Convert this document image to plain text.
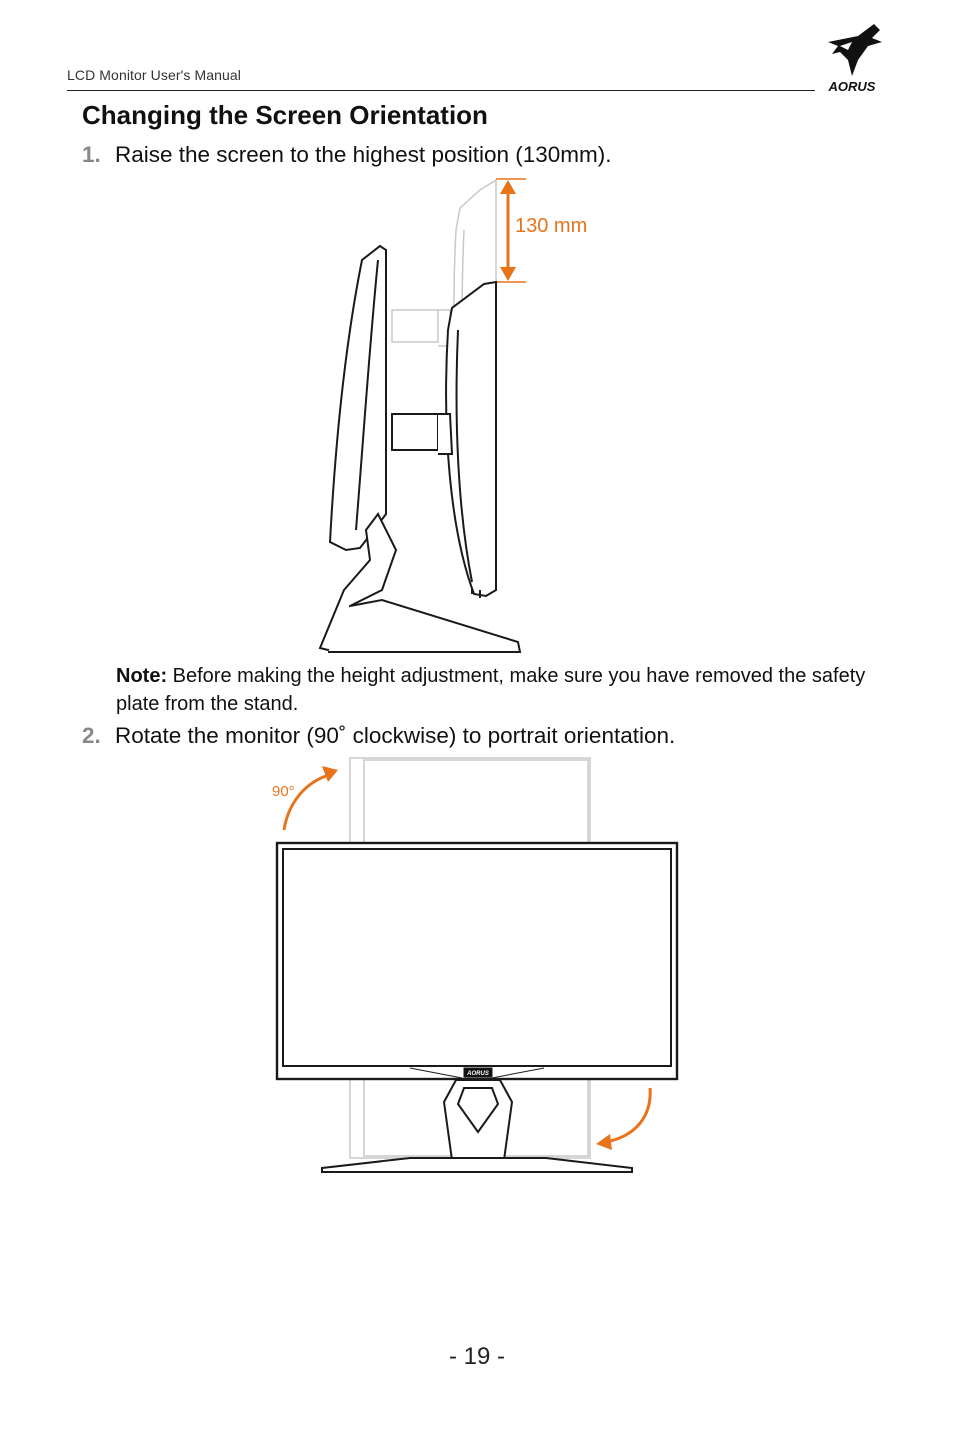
LCD Monitor User's Manual
AORUS
Changing the Screen Orientation
1. Raise the screen to the highest position (130mm).
130 mm
Note: Before making the height adjustment, make sure you have removed the safety plate from the stand.
2. Rotate the monitor (90˚ clockwise) to portrait orientation.
90°
AORUS
- 19 -
